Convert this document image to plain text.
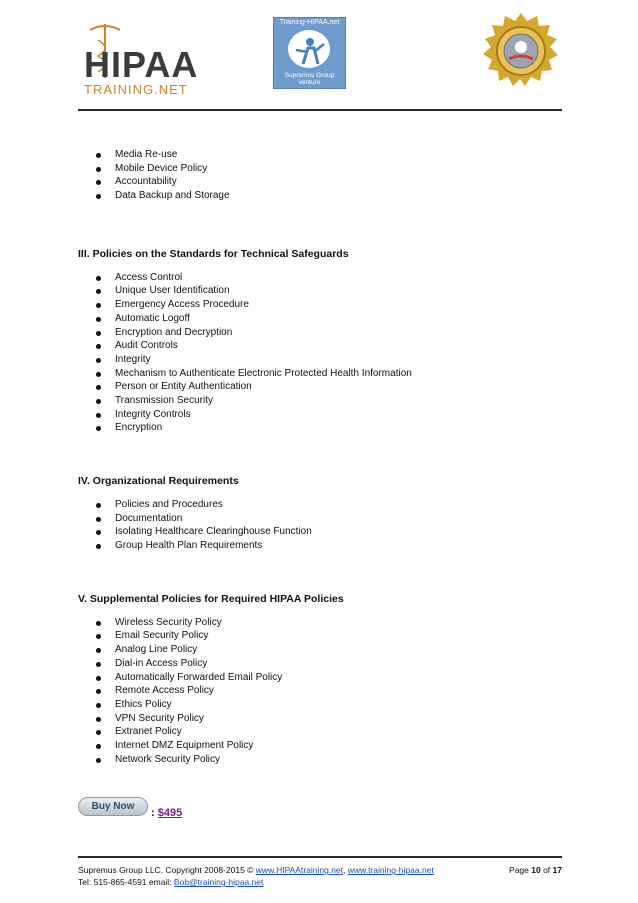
HIPAA
TRAINING.NET
Training-HIPAA.net
Supremus Group venture
Media Re-use
Mobile Device Policy
Accountability
Data Backup and Storage
III. Policies on the Standards for Technical Safeguards
Access Control
Unique User Identification
Emergency Access Procedure
Automatic Logoff
Encryption and Decryption
Audit Controls
Integrity
Mechanism to Authenticate Electronic Protected Health Information
Person or Entity Authentication
Transmission Security
Integrity Controls
Encryption
IV. Organizational Requirements
Policies and Procedures
Documentation
Isolating Healthcare Clearinghouse Function
Group Health Plan Requirements
V. Supplemental Policies for Required HIPAA Policies
Wireless Security Policy
Email Security Policy
Analog Line Policy
Dial-in Access Policy
Automatically Forwarded Email Policy
Remote Access Policy
Ethics Policy
VPN Security Policy
Extranet Policy
Internet DMZ Equipment Policy
Network Security Policy
Buy Now
: $495
Supremus Group LLC. Copyright 2008-2015 © www.HIPAAtraining.net, www.training-hipaa.net	Page 10 of 17
Tel: 515-865-4591 email: Bob@training-hipaa.net
